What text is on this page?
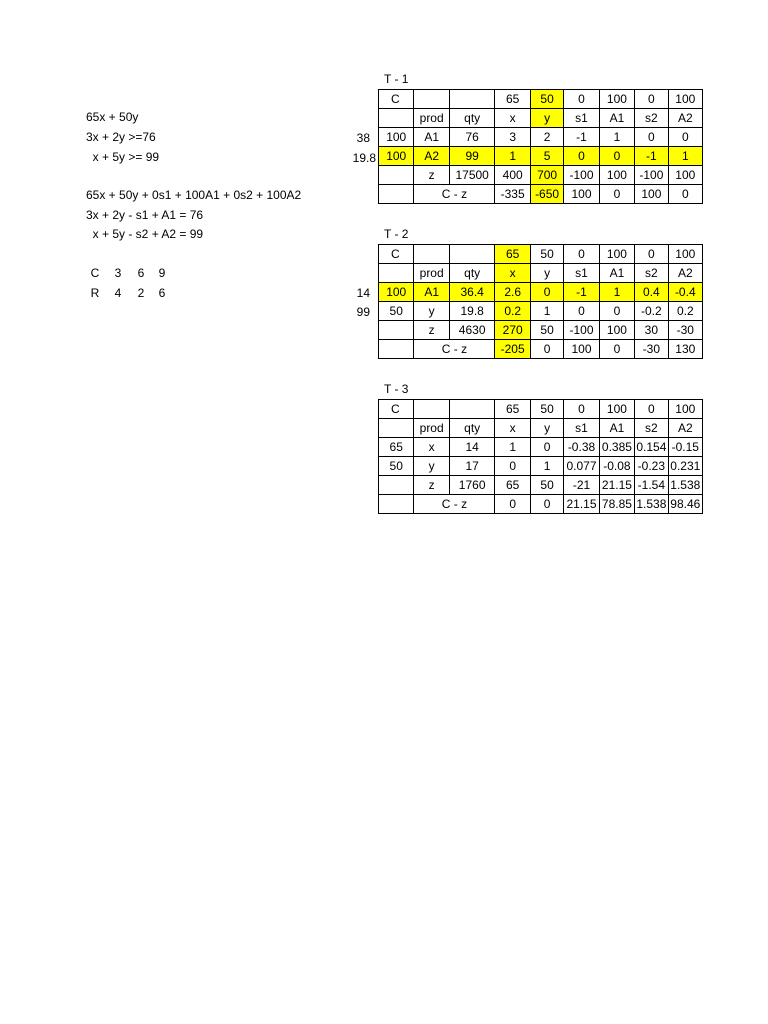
65x + 50y
3x + 2y >=76
x + 5y >= 99
65x + 50y + 0s1 + 100A1 + 0s2 + 100A2
3x + 2y - s1 + A1 = 76
x + 5y - s2 + A2 = 99
C	3	6	9
R	4	2	6
T - 1
38
19.8
C			65	50	0	100	0	100
	prod	qty	x	y	s1	A1	s2	A2
100	A1	76	3	2	-1	1	0	0
100	A2	99	1	5	0	0	-1	1
	z	17500	400	700	-100	100	-100	100
	C - z		-335	-650	100	0	100	0
T - 2
14
99
C			65	50	0	100	0	100
	prod	qty	x	y	s1	A1	s2	A2
100	A1	36.4	2.6	0	-1	1	0.4	-0.4
50	y	19.8	0.2	1	0	0	-0.2	0.2
	z	4630	270	50	-100	100	30	-30
	C - z		-205	0	100	0	-30	130
T - 3
C			65	50	0	100	0	100
	prod	qty	x	y	s1	A1	s2	A2
65	x	14	1	0	-0.38	0.385	0.154	-0.15
50	y	17	0	1	0.077	-0.08	-0.23	0.231
	z	1760	65	50	-21	21.15	-1.54	1.538
	C - z		0	0	21.15	78.85	1.538	98.46
